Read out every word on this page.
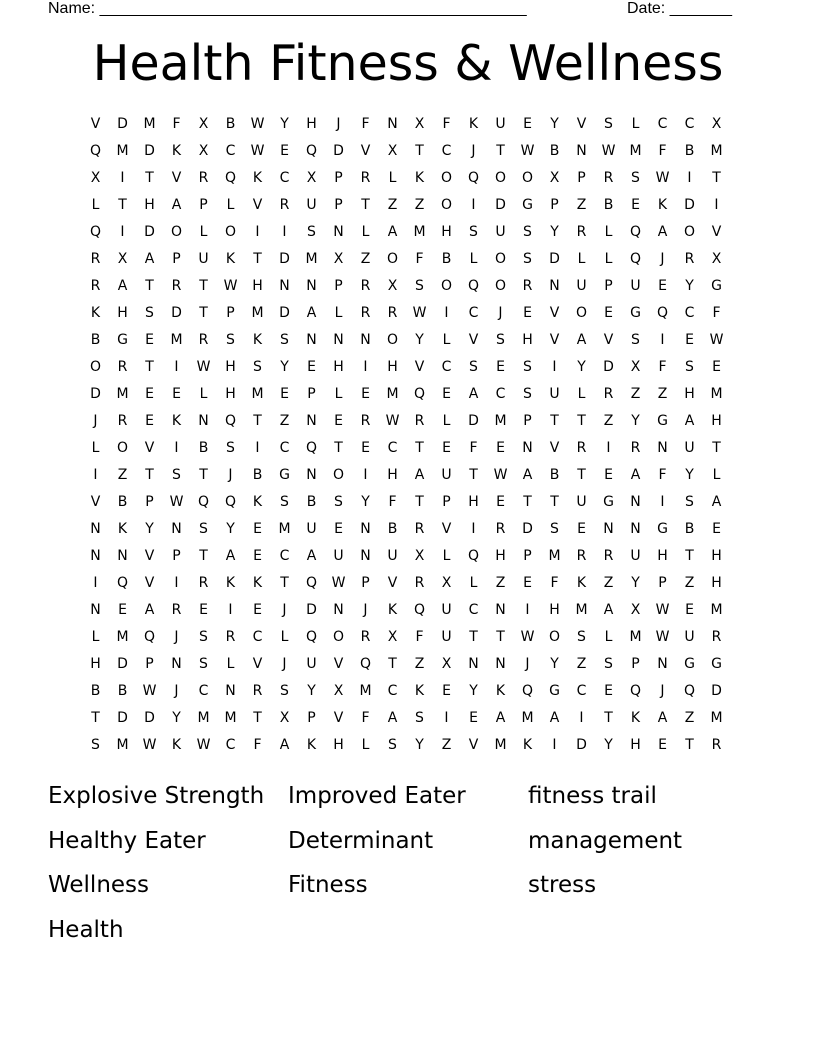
Name: ________________________________________________

	Date: _______

Health Fitness & Wellness
V	D	M	F	X	B	W	Y	H	J	F	N	X	F	K	U	E	Y	V	S	L	C	C	X
Q	M	D	K	X	C	W	E	Q	D	V	X	T	C	J	T	W	B	N	W	M	F	B	M
X	I	T	V	R	Q	K	C	X	P	R	L	K	O	Q	O	O	X	P	R	S	W	I	T
L	T	H	A	P	L	V	R	U	P	T	Z	Z	O	I	D	G	P	Z	B	E	K	D	I
Q	I	D	O	L	O	I	I	S	N	L	A	M	H	S	U	S	Y	R	L	Q	A	O	V
R	X	A	P	U	K	T	D	M	X	Z	O	F	B	L	O	S	D	L	L	Q	J	R	X
R	A	T	R	T	W	H	N	N	P	R	X	S	O	Q	O	R	N	U	P	U	E	Y	G
K	H	S	D	T	P	M	D	A	L	R	R	W	I	C	J	E	V	O	E	G	Q	C	F
B	G	E	M	R	S	K	S	N	N	N	O	Y	L	V	S	H	V	A	V	S	I	E	W
O	R	T	I	W	H	S	Y	E	H	I	H	V	C	S	E	S	I	Y	D	X	F	S	E
D	M	E	E	L	H	M	E	P	L	E	M	Q	E	A	C	S	U	L	R	Z	Z	H	M
J	R	E	K	N	Q	T	Z	N	E	R	W	R	L	D	M	P	T	T	Z	Y	G	A	H
L	O	V	I	B	S	I	C	Q	T	E	C	T	E	F	E	N	V	R	I	R	N	U	T
I	Z	T	S	T	J	B	G	N	O	I	H	A	U	T	W	A	B	T	E	A	F	Y	L
V	B	P	W	Q	Q	K	S	B	S	Y	F	T	P	H	E	T	T	U	G	N	I	S	A
N	K	Y	N	S	Y	E	M	U	E	N	B	R	V	I	R	D	S	E	N	N	G	B	E
N	N	V	P	T	A	E	C	A	U	N	U	X	L	Q	H	P	M	R	R	U	H	T	H
I	Q	V	I	R	K	K	T	Q	W	P	V	R	X	L	Z	E	F	K	Z	Y	P	Z	H
N	E	A	R	E	I	E	J	D	N	J	K	Q	U	C	N	I	H	M	A	X	W	E	M
L	M	Q	J	S	R	C	L	Q	O	R	X	F	U	T	T	W	O	S	L	M	W	U	R
H	D	P	N	S	L	V	J	U	V	Q	T	Z	X	N	N	J	Y	Z	S	P	N	G	G
B	B	W	J	C	N	R	S	Y	X	M	C	K	E	Y	K	Q	G	C	E	Q	J	Q	D
T	D	D	Y	M	M	T	X	P	V	F	A	S	I	E	A	M	A	I	T	K	A	Z	M
S	M	W	K	W	C	F	A	K	H	L	S	Y	Z	V	M	K	I	D	Y	H	E	T	R
Explosive Strength	Improved Eater	fitness trail
Healthy Eater	Determinant	management
Wellness	Fitness	stress
Health
